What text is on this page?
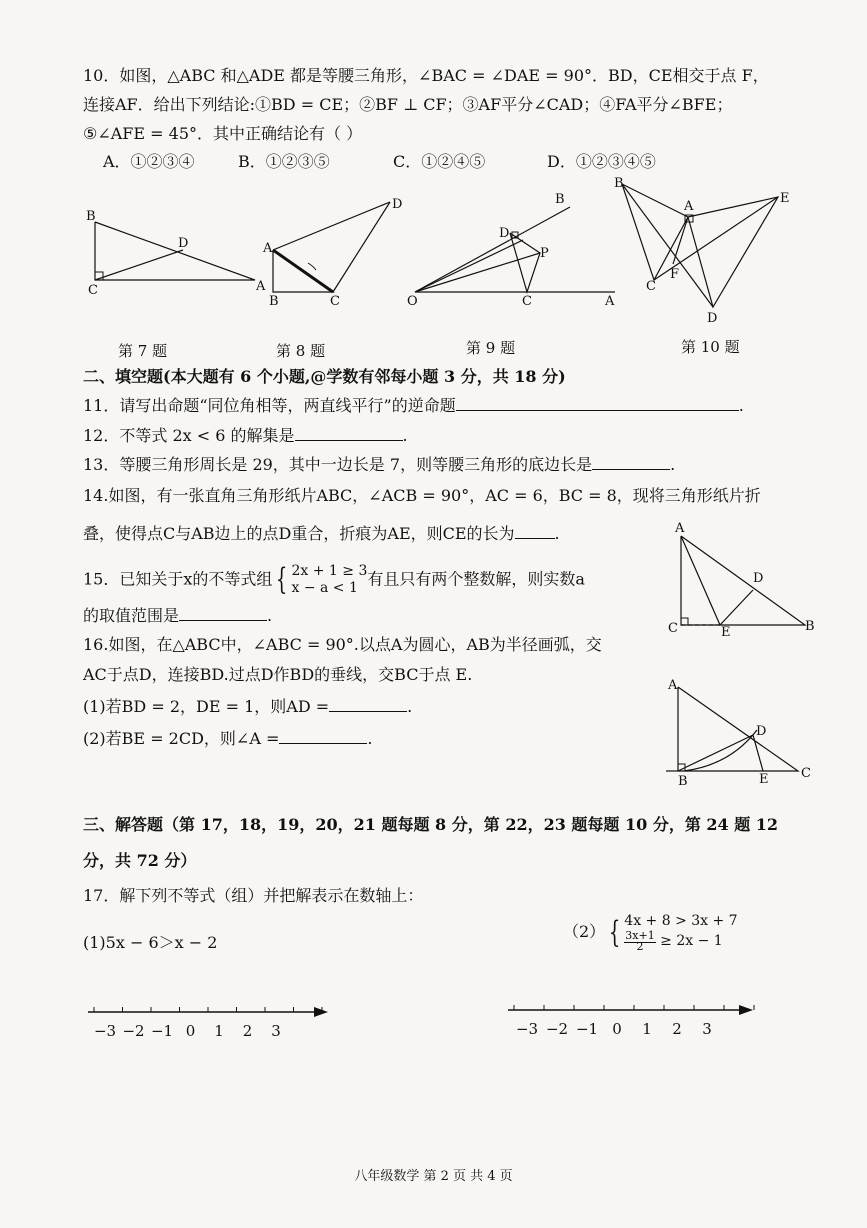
10．如图，△ABC 和△ADE 都是等腰三角形，∠BAC = ∠DAE = 90°．BD，CE相交于点 F，
连接AF．给出下列结论:①BD = CE；②BF ⊥ CF；③AF平分∠CAD；④FA平分∠BFE；
⑤∠AFE = 45°．其中正确结论有（ ）
A．①②③④	B．①②③⑤	C．①②④⑤	D．①②③④⑤
B
C
D
A
A
B	C
D	B
D
P
O	C	A
B
A
E
C
F
D
第 7 题	第 8 题	第 9 题	第 10 题
二、填空题(本大题有 6 个小题,@学数有邻每小题 3 分，共 18 分)
11．请写出命题“同位角相等，两直线平行”的逆命题	.
12．不等式 2x < 6 的解集是	.
13．等腰三角形周长是 29，其中一边长是 7，则等腰三角形的底边长是	.
14.如图，有一张直角三角形纸片ABC，∠ACB = 90°，AC = 6，BC = 8，现将三角形纸片折
叠，使得点C与AB边上的点D重合，折痕为AE，则CE的长为	.	A
D
C	E	B
15．已知关于x的不等式组 { 2x + 1 ≥ 3
x − a < 1 有且只有两个整数解，则实数a
的取值范围是	.
16.如图，在△ABC中，∠ABC = 90°.以点A为圆心，AB为半径画弧，交
AC于点D，连接BD.过点D作BD的垂线，交BC于点 E.
(1)若BD = 2，DE = 1，则AD =	.
(2)若BE = 2CD，则∠A =	.
A
D
B	E	C
三、解答题（第 17，18，19，20，21 题每题 8 分，第 22，23 题每题 10 分，第 24 题 12
分，共 72 分）
17．解下列不等式（组）并把解表示在数轴上：
(1)5x − 6＞x − 2
（2） { 4x + 8 > 3x + 7
$\frac{3x+1}{2} \ge 2x - 1$
−3 −2 −1 0 1 2 3	−3 −2 −1 0 1 2 3
八年级数学 第 2 页 共 4 页
